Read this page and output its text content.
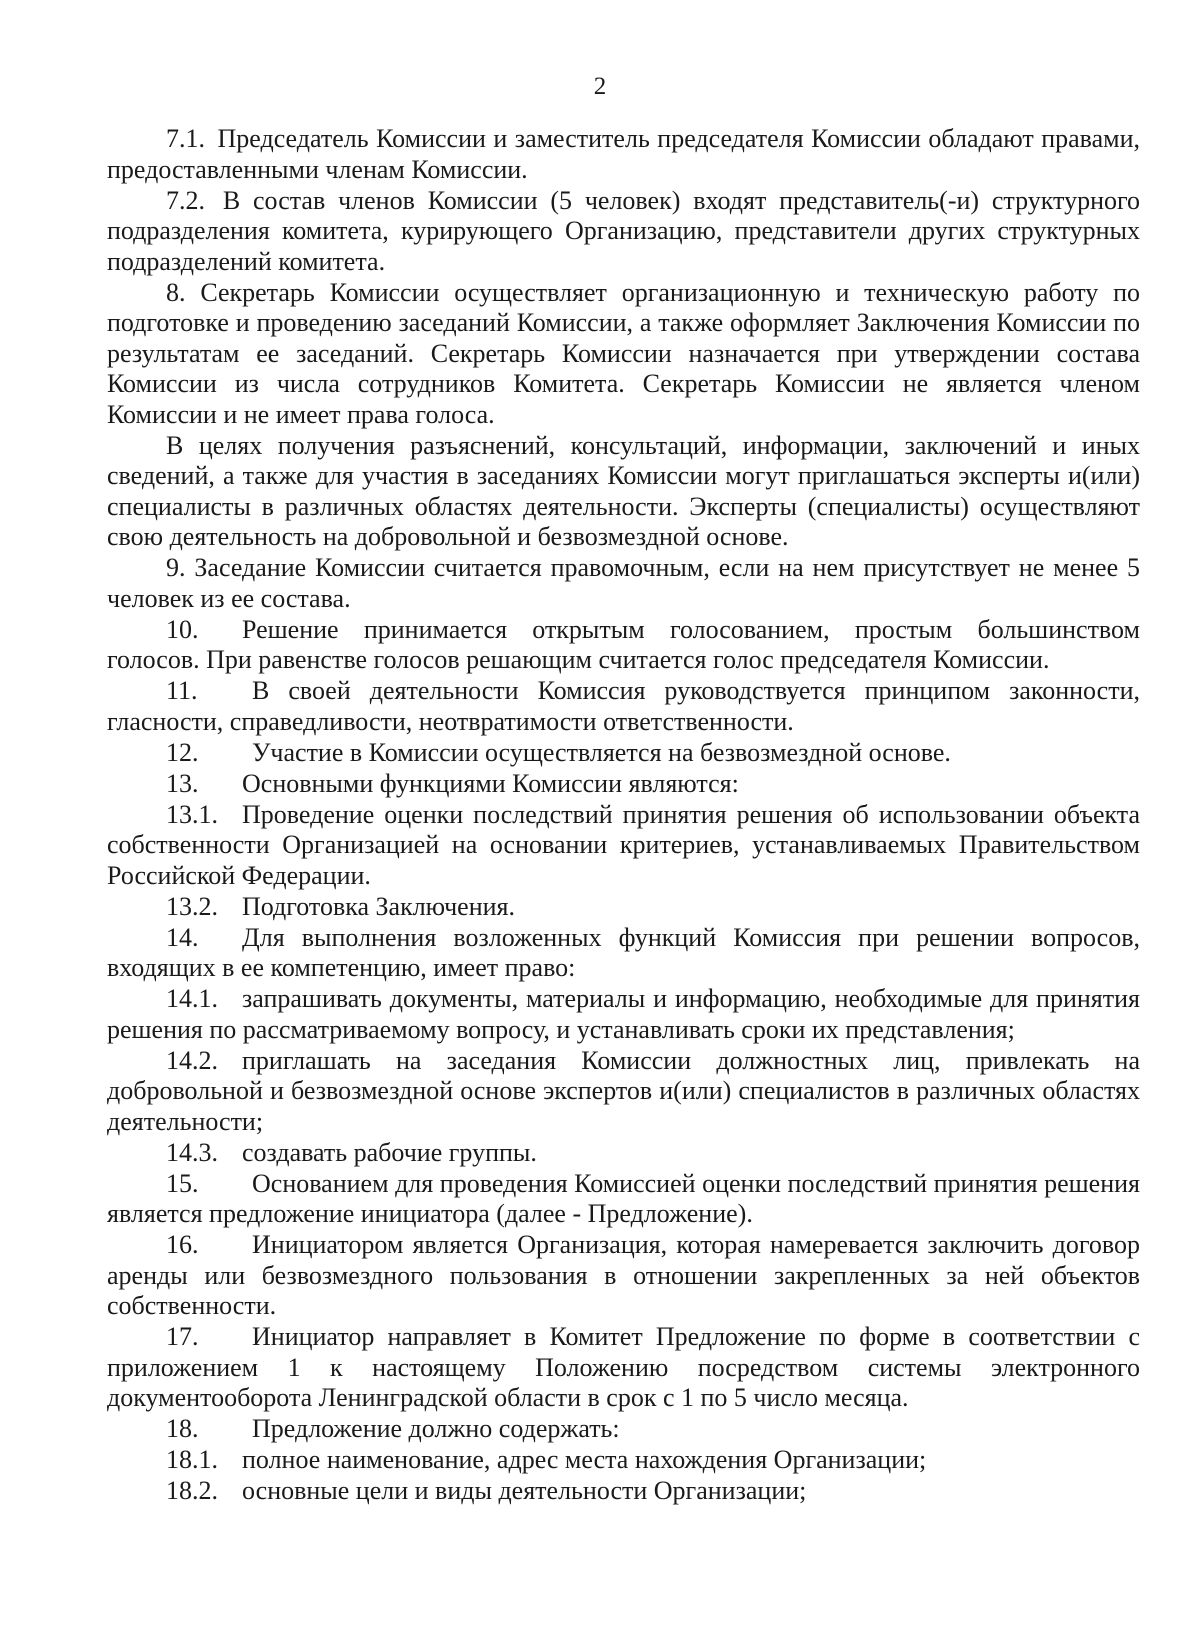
2

7.1. Председатель Комиссии и заместитель председателя Комиссии обладают правами, предоставленными членам Комиссии.

7.2. В состав членов Комиссии (5 человек) входят представитель(-и) структурного подразделения комитета, курирующего Организацию, представители других структурных подразделений комитета.

8. Секретарь Комиссии осуществляет организационную и техническую работу по подготовке и проведению заседаний Комиссии, а также оформляет Заключения Комиссии по результатам ее заседаний. Секретарь Комиссии назначается при утверждении состава Комиссии из числа сотрудников Комитета. Секретарь Комиссии не является членом Комиссии и не имеет права голоса.

В целях получения разъяснений, консультаций, информации, заключений и иных сведений, а также для участия в заседаниях Комиссии могут приглашаться эксперты и(или) специалисты в различных областях деятельности. Эксперты (специалисты) осуществляют свою деятельность на добровольной и безвозмездной основе.

9. Заседание Комиссии считается правомочным, если на нем присутствует не менее 5 человек из ее состава.

10. Решение принимается открытым голосованием, простым большинством голосов. При равенстве голосов решающим считается голос председателя Комиссии.

11. В своей деятельности Комиссия руководствуется принципом законности, гласности, справедливости, неотвратимости ответственности.

12. Участие в Комиссии осуществляется на безвозмездной основе.

13. Основными функциями Комиссии являются:

13.1. Проведение оценки последствий принятия решения об использовании объекта собственности Организацией на основании критериев, устанавливаемых Правительством Российской Федерации.

13.2. Подготовка Заключения.

14. Для выполнения возложенных функций Комиссия при решении вопросов, входящих в ее компетенцию, имеет право:

14.1. запрашивать документы, материалы и информацию, необходимые для принятия решения по рассматриваемому вопросу, и устанавливать сроки их представления;

14.2. приглашать на заседания Комиссии должностных лиц, привлекать на добровольной и безвозмездной основе экспертов и(или) специалистов в различных областях деятельности;

14.3. создавать рабочие группы.

15. Основанием для проведения Комиссией оценки последствий принятия решения является предложение инициатора (далее - Предложение).

16. Инициатором является Организация, которая намеревается заключить договор аренды или безвозмездного пользования в отношении закрепленных за ней объектов собственности.

17. Инициатор направляет в Комитет Предложение по форме в соответствии с приложением 1 к настоящему Положению посредством системы электронного документооборота Ленинградской области в срок с 1 по 5 число месяца.

18. Предложение должно содержать:

18.1. полное наименование, адрес места нахождения Организации;

18.2. основные цели и виды деятельности Организации;
